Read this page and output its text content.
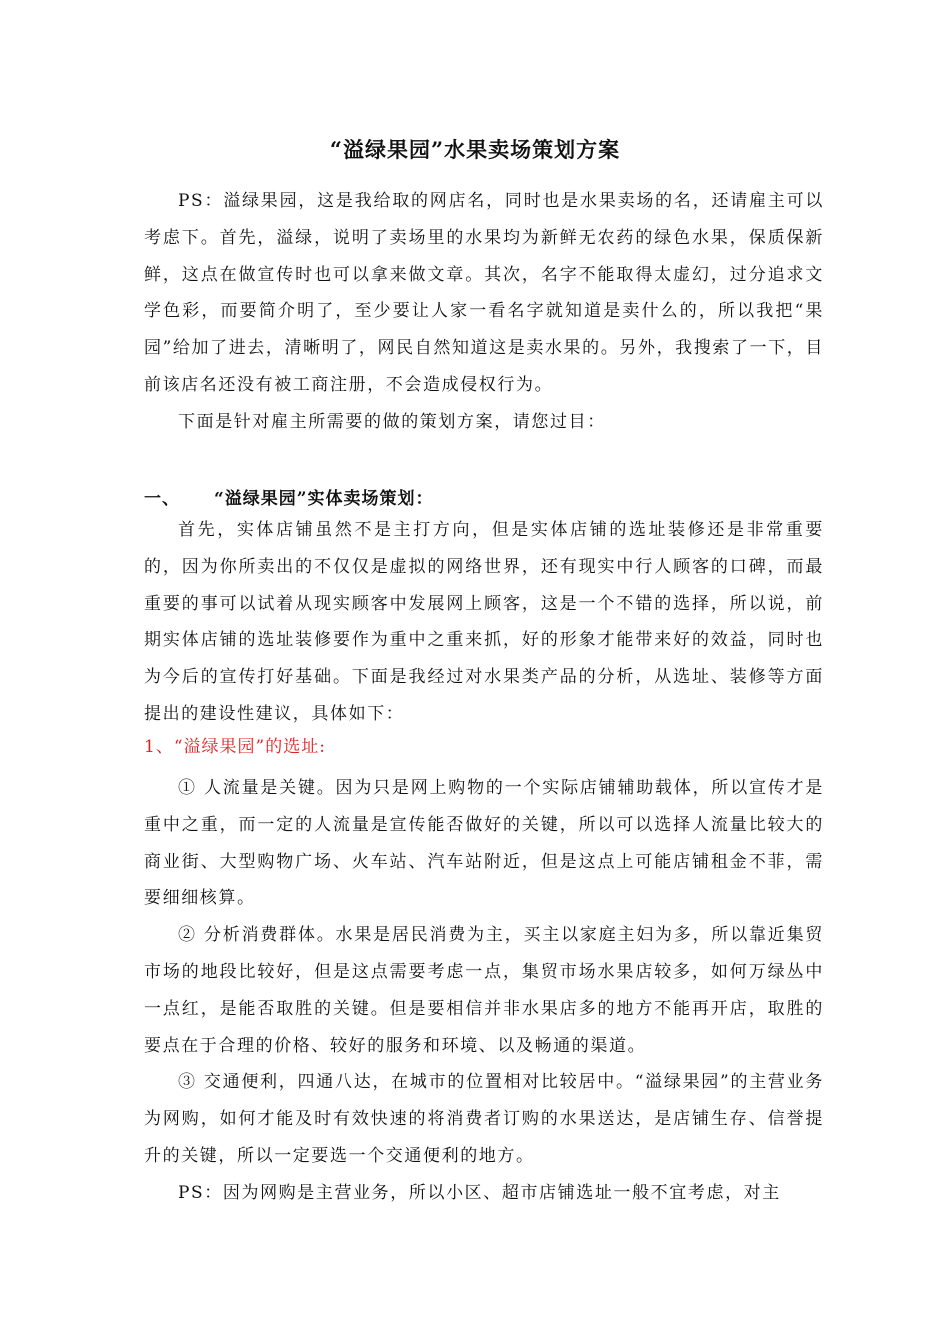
“溢绿果园”水果卖场策划方案

PS：溢绿果园，这是我给取的网店名，同时也是水果卖场的名，还请雇主可以考虑下。首先，溢绿，说明了卖场里的水果均为新鲜无农药的绿色水果，保质保新鲜，这点在做宣传时也可以拿来做文章。其次，名字不能取得太虚幻，过分追求文学色彩，而要简介明了，至少要让人家一看名字就知道是卖什么的，所以我把“果园”给加了进去，清晰明了，网民自然知道这是卖水果的。另外，我搜索了一下，目前该店名还没有被工商注册，不会造成侵权行为。

下面是针对雇主所需要的做的策划方案，请您过目：

一、 “溢绿果园”实体卖场策划：

首先，实体店铺虽然不是主打方向，但是实体店铺的选址装修还是非常重要的，因为你所卖出的不仅仅是虚拟的网络世界，还有现实中行人顾客的口碑，而最重要的事可以试着从现实顾客中发展网上顾客，这是一个不错的选择，所以说，前期实体店铺的选址装修要作为重中之重来抓，好的形象才能带来好的效益，同时也为今后的宣传打好基础。下面是我经过对水果类产品的分析，从选址、装修等方面提出的建设性建议，具体如下：

1、“溢绿果园”的选址:

① 人流量是关键。因为只是网上购物的一个实际店铺辅助载体，所以宣传才是重中之重，而一定的人流量是宣传能否做好的关键，所以可以选择人流量比较大的商业街、大型购物广场、火车站、汽车站附近，但是这点上可能店铺租金不菲，需要细细核算。

② 分析消费群体。水果是居民消费为主，买主以家庭主妇为多，所以靠近集贸市场的地段比较好，但是这点需要考虑一点，集贸市场水果店较多，如何万绿丛中一点红，是能否取胜的关键。但是要相信并非水果店多的地方不能再开店，取胜的要点在于合理的价格、较好的服务和环境、以及畅通的渠道。

③ 交通便利，四通八达，在城市的位置相对比较居中。“溢绿果园”的主营业务为网购，如何才能及时有效快速的将消费者订购的水果送达，是店铺生存、信誉提升的关键，所以一定要选一个交通便利的地方。

PS：因为网购是主营业务，所以小区、超市店铺选址一般不宜考虑，对主
